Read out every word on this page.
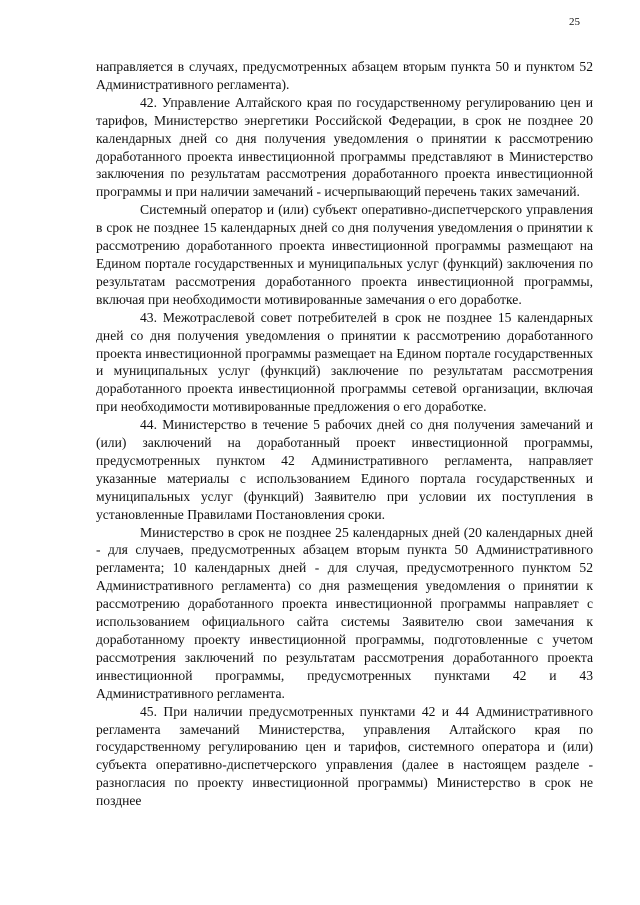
25

направляется в случаях, предусмотренных абзацем вторым пункта 50 и пунктом 52 Административного регламента).

42. Управление Алтайского края по государственному регулированию цен и тарифов, Министерство энергетики Российской Федерации, в срок не позднее 20 календарных дней со дня получения уведомления о принятии к рассмотрению доработанного проекта инвестиционной программы представляют в Министерство заключения по результатам рассмотрения доработанного проекта инвестиционной программы и при наличии замечаний - исчерпывающий перечень таких замечаний.

Системный оператор и (или) субъект оперативно-диспетчерского управления в срок не позднее 15 календарных дней со дня получения уведомления о принятии к рассмотрению доработанного проекта инвестиционной программы размещают на Едином портале государственных и муниципальных услуг (функций) заключения по результатам рассмотрения доработанного проекта инвестиционной программы, включая при необходимости мотивированные замечания о его доработке.

43. Межотраслевой совет потребителей в срок не позднее 15 календарных дней со дня получения уведомления о принятии к рассмотрению доработанного проекта инвестиционной программы размещает на Едином портале государственных и муниципальных услуг (функций) заключение по результатам рассмотрения доработанного проекта инвестиционной программы сетевой организации, включая при необходимости мотивированные предложения о его доработке.

44. Министерство в течение 5 рабочих дней со дня получения замечаний и (или) заключений на доработанный проект инвестиционной программы, предусмотренных пунктом 42 Административного регламента, направляет указанные материалы с использованием Единого портала государственных и муниципальных услуг (функций) Заявителю при условии их поступления в установленные Правилами Постановления сроки.

Министерство в срок не позднее 25 календарных дней (20 календарных дней - для случаев, предусмотренных абзацем вторым пункта 50 Административного регламента; 10 календарных дней - для случая, предусмотренного пунктом 52 Административного регламента) со дня размещения уведомления о принятии к рассмотрению доработанного проекта инвестиционной программы направляет с использованием официального сайта системы Заявителю свои замечания к доработанному проекту инвестиционной программы, подготовленные с учетом рассмотрения заключений по результатам рассмотрения доработанного проекта инвестиционной программы, предусмотренных пунктами 42 и 43 Административного регламента.

45. При наличии предусмотренных пунктами 42 и 44 Административного регламента замечаний Министерства, управления Алтайского края по государственному регулированию цен и тарифов, системного оператора и (или) субъекта оперативно-диспетчерского управления (далее в настоящем разделе - разногласия по проекту инвестиционной программы) Министерство в срок не позднее
